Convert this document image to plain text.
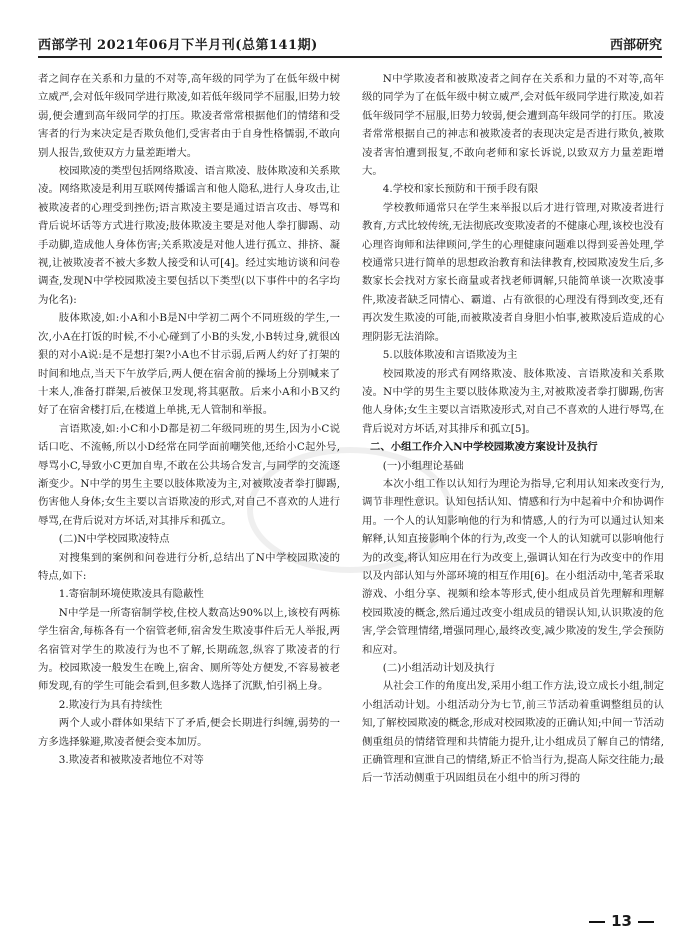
西部学刊 2021年06月下半月刊(总第141期)	西部研究

者之间存在关系和力量的不对等,高年级的同学为了在低年级中树立威严,会对低年级同学进行欺凌,如若低年级同学不屈服,旧势力较弱,便会遭到高年级同学的打压。欺凌者常常根据他们的情绪和受害者的行为来决定是否欺负他们,受害者由于自身性格懦弱,不敢向别人报告,致使双方力量差距增大。

校园欺凌的类型包括网络欺凌、语言欺凌、肢体欺凌和关系欺凌。网络欺凌是利用互联网传播谣言和他人隐私,进行人身攻击,让被欺凌者的心理受到挫伤;语言欺凌主要是通过语言攻击、辱骂和背后说坏话等方式进行欺凌;肢体欺凌主要是对他人拳打脚踢、动手动脚,造成他人身体伤害;关系欺凌是对他人进行孤立、排挤、凝视,让被欺凌者不被大多数人接受和认可[4]。经过实地访谈和问卷调查,发现N中学校园欺凌主要包括以下类型(以下事件中的名字均为化名):

肢体欺凌,如:小A和小B是N中学初二两个不同班级的学生,一次,小A在打饭的时候,不小心碰到了小B的头发,小B转过身,就很凶狠的对小A说:是不是想打架?小A也不甘示弱,后两人约好了打架的时间和地点,当天下午放学后,两人便在宿舍前的操场上分别喊来了十来人,准备打群架,后被保卫发现,将其驱散。后来小A和小B又约好了在宿舍楼打后,在楼道上单挑,无人管制和举报。

言语欺凌,如:小C和小D都是初二年级同班的男生,因为小C说话口吃、不流畅,所以小D经常在同学面前嘲笑他,还给小C起外号,辱骂小C,导致小C更加自卑,不敢在公共场合发言,与同学的交流逐渐变少。N中学的男生主要以肢体欺凌为主,对被欺凌者拳打脚踢,伤害他人身体;女生主要以言语欺凌的形式,对自己不喜欢的人进行辱骂,在背后说对方坏话,对其排斥和孤立。

(二)N中学校园欺凌特点

对搜集到的案例和问卷进行分析,总结出了N中学校园欺凌的特点,如下:

1.寄宿制环境使欺凌具有隐蔽性

N中学是一所寄宿制学校,住校人数高达90%以上,该校有两栋学生宿舍,每栋各有一个宿管老师,宿舍发生欺凌事件后无人举报,两名宿管对学生的欺凌行为也不了解,长期疏忽,纵容了欺凌者的行为。校园欺凌一般发生在晚上,宿舍、厕所等处方便发,不容易被老师发现,有的学生可能会看到,但多数人选择了沉默,怕引祸上身。

2.欺凌行为具有持续性

两个人或小群体如果结下了矛盾,便会长期进行纠缠,弱势的一方多选择躲避,欺凌者便会变本加厉。

3.欺凌者和被欺凌者地位不对等

N中学欺凌者和被欺凌者之间存在关系和力量的不对等,高年级的同学为了在低年级中树立威严,会对低年级同学进行欺凌,如若低年级同学不屈服,旧势力较弱,便会遭到高年级同学的打压。欺凌者常常根据自己的神志和被欺凌者的表现决定是否进行欺负,被欺凌者害怕遭到报复,不敢向老师和家长诉说,以致双方力量差距增大。

4.学校和家长预防和干预手段有限

学校教师通常只在学生来举报以后才进行管理,对欺凌者进行教育,方式比较传统,无法彻底改变欺凌者的不健康心理,该校也没有心理咨询师和法律顾问,学生的心理健康问题难以得到妥善处理,学校通常只进行简单的思想政治教育和法律教育,校园欺凌发生后,多数家长会找对方家长商量或者找老师调解,只能简单谈一次欺凌事件,欺凌者缺乏同情心、霸道、占有欲很的心理没有得到改变,还有再次发生欺凌的可能,而被欺凌者自身胆小怕事,被欺凌后造成的心理阴影无法消除。

5.以肢体欺凌和言语欺凌为主

校园欺凌的形式有网络欺凌、肢体欺凌、言语欺凌和关系欺凌。N中学的男生主要以肢体欺凌为主,对被欺凌者拳打脚踢,伤害他人身体;女生主要以言语欺凌形式,对自己不喜欢的人进行辱骂,在背后说对方坏话,对其排斥和孤立[5]。

二、小组工作介入N中学校园欺凌方案设计及执行

(一)小组理论基础

本次小组工作以认知行为理论为指导,它利用认知来改变行为,调节非理性意识。认知包括认知、情感和行为中起着中介和协调作用。一个人的认知影响他的行为和情感,人的行为可以通过认知来解释,认知直接影响个体的行为,改变一个人的认知就可以影响他行为的改变,将认知应用在行为改变上,强调认知在行为改变中的作用以及内部认知与外部环境的相互作用[6]。在小组活动中,笔者采取游戏、小组分享、视频和绘本等形式,使小组成员首先理解和理解校园欺凌的概念,然后通过改变小组成员的错误认知,认识欺凌的危害,学会管理情绪,增强同理心,最终改变,减少欺凌的发生,学会预防和应对。

(二)小组活动计划及执行

从社会工作的角度出发,采用小组工作方法,设立成长小组,制定小组活动计划。小组活动分为七节,前三节活动着重调整组员的认知,了解校园欺凌的概念,形成对校园欺凌的正确认知;中间一节活动侧重组员的情绪管理和共情能力提升,让小组成员了解自己的情绪,正确管理和宣泄自己的情绪,矫正不恰当行为,提高人际交往能力;最后一节活动侧重于巩固组员在小组中的所习得的

13
